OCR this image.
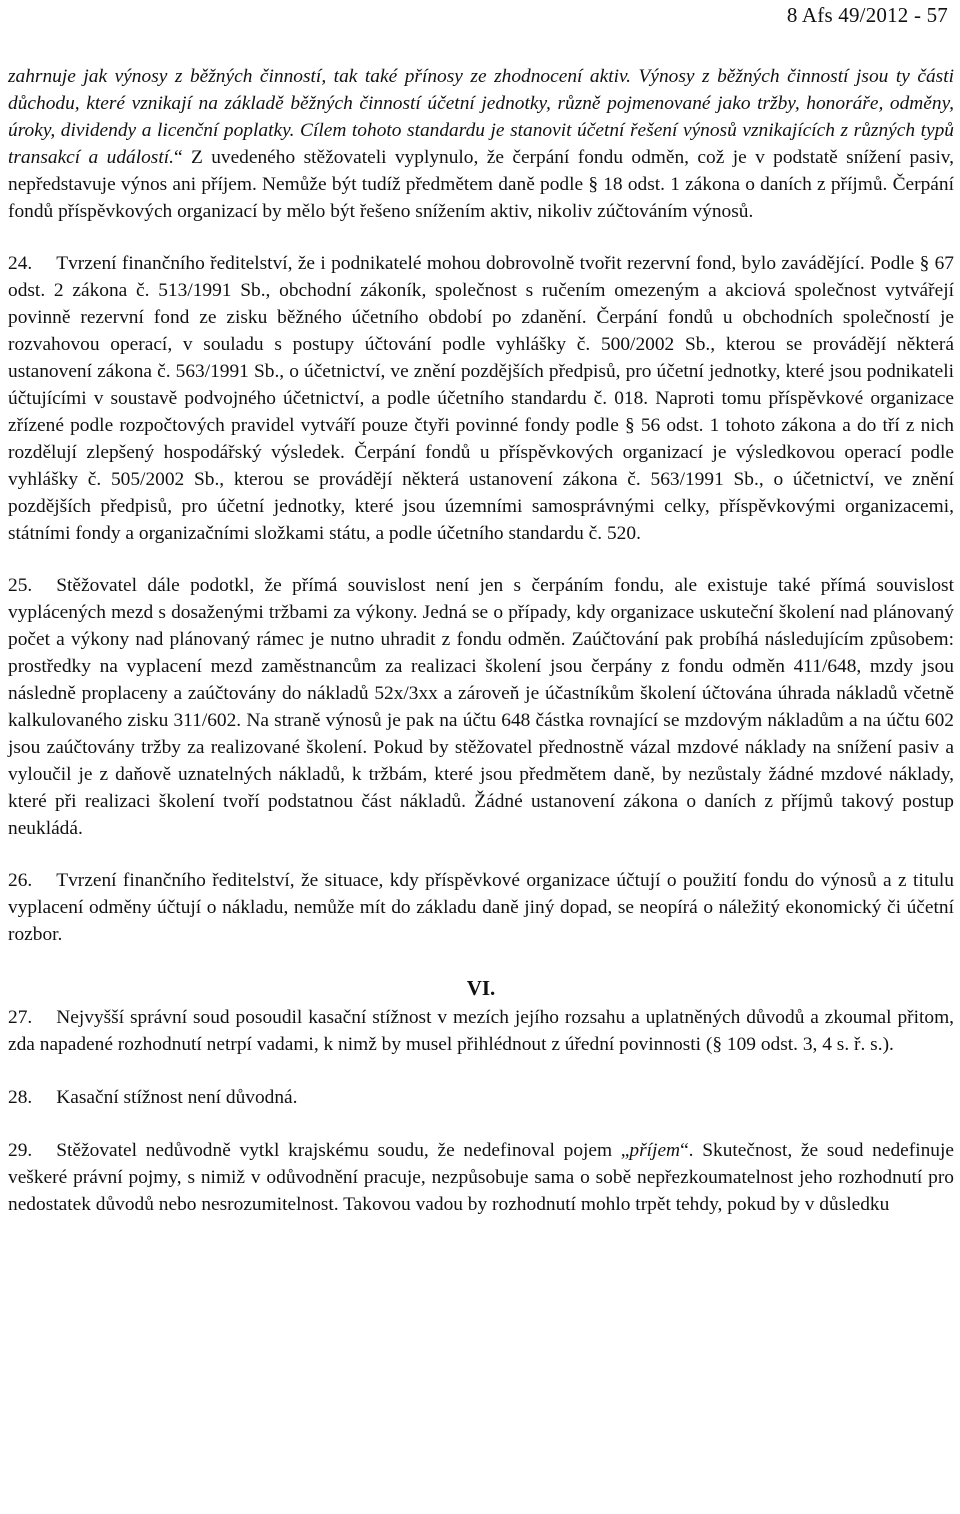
8 Afs 49/2012 - 57

zahrnuje jak výnosy z běžných činností, tak také přínosy ze zhodnocení aktiv. Výnosy z běžných činností jsou ty části důchodu, které vznikají na základě běžných činností účetní jednotky, různě pojmenované jako tržby, honoráře, odměny, úroky, dividendy a licenční poplatky. Cílem tohoto standardu je stanovit účetní řešení výnosů vznikajících z různých typů transakcí a událostí.“ Z uvedeného stěžovateli vyplynulo, že čerpání fondu odměn, což je v podstatě snížení pasiv, nepředstavuje výnos ani příjem. Nemůže být tudíž předmětem daně podle § 18 odst. 1 zákona o daních z příjmů. Čerpání fondů příspěvkových organizací by mělo být řešeno snížením aktiv, nikoliv zúčtováním výnosů.

24. Tvrzení finančního ředitelství, že i podnikatelé mohou dobrovolně tvořit rezervní fond, bylo zavádějící. Podle § 67 odst. 2 zákona č. 513/1991 Sb., obchodní zákoník, společnost s ručením omezeným a akciová společnost vytvářejí povinně rezervní fond ze zisku běžného účetního období po zdanění. Čerpání fondů u obchodních společností je rozvahovou operací, v souladu s postupy účtování podle vyhlášky č. 500/2002 Sb., kterou se provádějí některá ustanovení zákona č. 563/1991 Sb., o účetnictví, ve znění pozdějších předpisů, pro účetní jednotky, které jsou podnikateli účtujícími v soustavě podvojného účetnictví, a podle účetního standardu č. 018. Naproti tomu příspěvkové organizace zřízené podle rozpočtových pravidel vytváří pouze čtyři povinné fondy podle § 56 odst. 1 tohoto zákona a do tří z nich rozdělují zlepšený hospodářský výsledek. Čerpání fondů u příspěvkových organizací je výsledkovou operací podle vyhlášky č. 505/2002 Sb., kterou se provádějí některá ustanovení zákona č. 563/1991 Sb., o účetnictví, ve znění pozdějších předpisů, pro účetní jednotky, které jsou územními samosprávnými celky, příspěvkovými organizacemi, státními fondy a organizačními složkami státu, a podle účetního standardu č. 520.

25. Stěžovatel dále podotkl, že přímá souvislost není jen s čerpáním fondu, ale existuje také přímá souvislost vyplácených mezd s dosaženými tržbami za výkony. Jedná se o případy, kdy organizace uskuteční školení nad plánovaný počet a výkony nad plánovaný rámec je nutno uhradit z fondu odměn. Zaúčtování pak probíhá následujícím způsobem: prostředky na vyplacení mezd zaměstnancům za realizaci školení jsou čerpány z fondu odměn 411/648, mzdy jsou následně proplaceny a zaúčtovány do nákladů 52x/3xx a zároveň je účastníkům školení účtována úhrada nákladů včetně kalkulovaného zisku 311/602. Na straně výnosů je pak na účtu 648 částka rovnající se mzdovým nákladům a na účtu 602 jsou zaúčtovány tržby za realizované školení. Pokud by stěžovatel přednostně vázal mzdové náklady na snížení pasiv a vyloučil je z daňově uznatelných nákladů, k tržbám, které jsou předmětem daně, by nezůstaly žádné mzdové náklady, které při realizaci školení tvoří podstatnou část nákladů. Žádné ustanovení zákona o daních z příjmů takový postup neukládá.

26. Tvrzení finančního ředitelství, že situace, kdy příspěvkové organizace účtují o použití fondu do výnosů a z titulu vyplacení odměny účtují o nákladu, nemůže mít do základu daně jiný dopad, se neopírá o náležitý ekonomický či účetní rozbor.

VI.

27. Nejvyšší správní soud posoudil kasační stížnost v mezích jejího rozsahu a uplatněných důvodů a zkoumal přitom, zda napadené rozhodnutí netrpí vadami, k nimž by musel přihlédnout z úřední povinnosti (§ 109 odst. 3, 4 s. ř. s.).

28. Kasační stížnost není důvodná.

29. Stěžovatel nedůvodně vytkl krajskému soudu, že nedefinoval pojem „příjem“. Skutečnost, že soud nedefinuje veškeré právní pojmy, s nimiž v odůvodnění pracuje, nezpůsobuje sama o sobě nepřezkoumatelnost jeho rozhodnutí pro nedostatek důvodů nebo nesrozumitelnost. Takovou vadou by rozhodnutí mohlo trpět tehdy, pokud by v důsledku
